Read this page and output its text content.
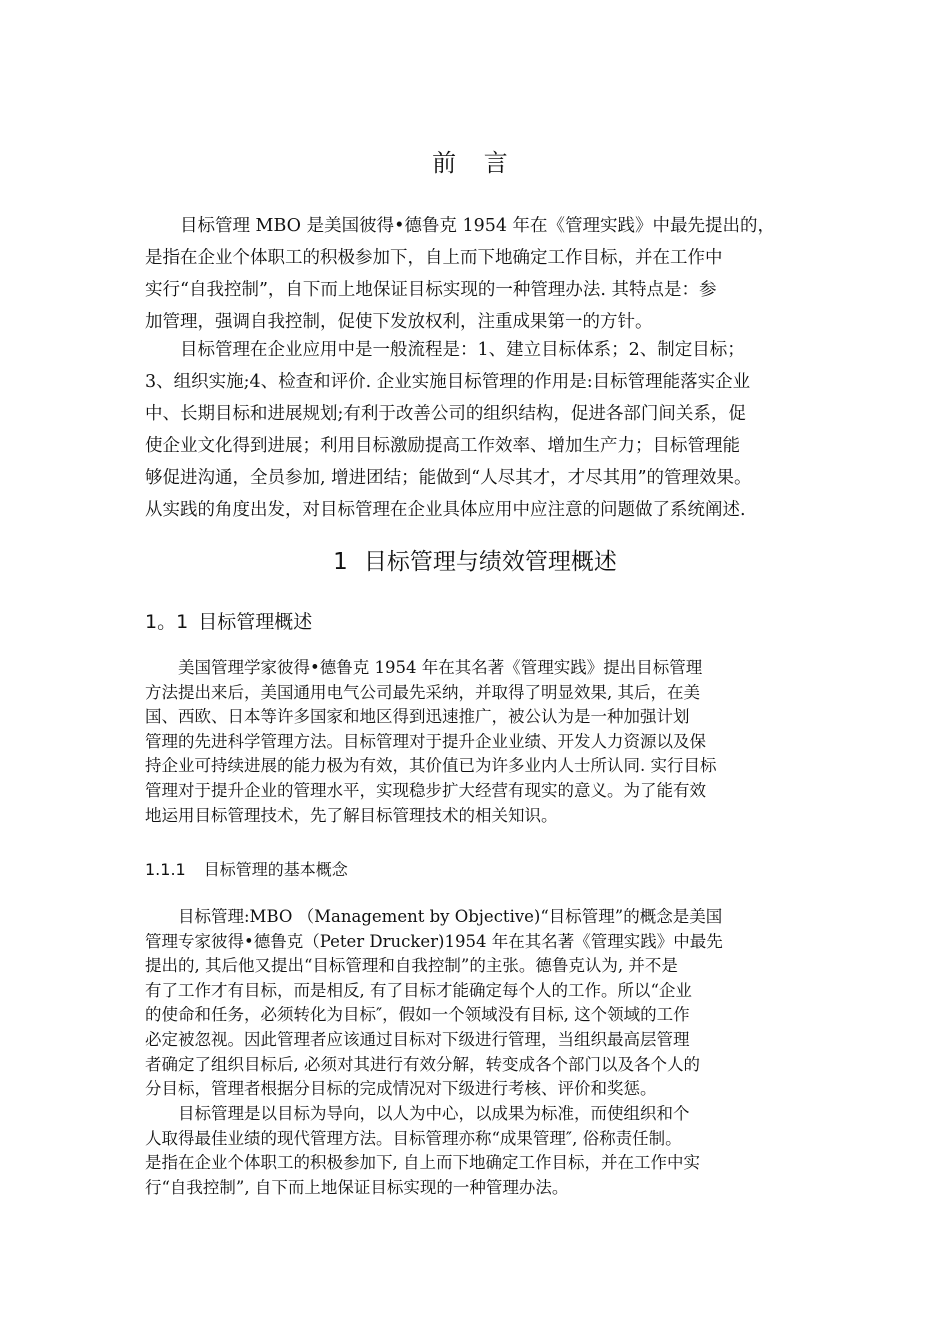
前 言
　　目标管理 MBO 是美国彼得•德鲁克 1954 年在《管理实践》中最先提出的，
是指在企业个体职工的积极参加下，自上而下地确定工作目标，并在工作中
实行“自我控制”，自下而上地保证目标实现的一种管理办法. 其特点是：参
加管理，强调自我控制，促使下发放权利，注重成果第一的方针。
　　目标管理在企业应用中是一般流程是：1、建立目标体系；2、制定目标；
3、组织实施;4、检查和评价. 企业实施目标管理的作用是:目标管理能落实企业
中、长期目标和进展规划;有利于改善公司的组织结构，促进各部门间关系，促
使企业文化得到进展；利用目标激励提高工作效率、增加生产力；目标管理能
够促进沟通，全员参加, 增进团结；能做到“人尽其才，才尽其用”的管理效果。
从实践的角度出发，对目标管理在企业具体应用中应注意的问题做了系统阐述.
1 目标管理与绩效管理概述
1。1 目标管理概述
　　美国管理学家彼得•德鲁克 1954 年在其名著《管理实践》提出目标管理
方法提出来后，美国通用电气公司最先采纳，并取得了明显效果, 其后，在美
国、西欧、日本等许多国家和地区得到迅速推广，被公认为是一种加强计划
管理的先进科学管理方法。目标管理对于提升企业业绩、开发人力资源以及保
持企业可持续进展的能力极为有效，其价值已为许多业内人士所认同. 实行目标
管理对于提升企业的管理水平，实现稳步扩大经营有现实的意义。为了能有效
地运用目标管理技术，先了解目标管理技术的相关知识。
1.1.1 目标管理的基本概念
　　目标管理:MBO （Management by Objective)“目标管理”的概念是美国
管理专家彼得•德鲁克（Peter Drucker)1954 年在其名著《管理实践》中最先
提出的, 其后他又提出“目标管理和自我控制”的主张。德鲁克认为, 并不是
有了工作才有目标，而是相反, 有了目标才能确定每个人的工作。所以“企业
的使命和任务，必须转化为目标″，假如一个领域没有目标, 这个领域的工作
必定被忽视。因此管理者应该通过目标对下级进行管理，当组织最高层管理
者确定了组织目标后, 必须对其进行有效分解，转变成各个部门以及各个人的
分目标，管理者根据分目标的完成情况对下级进行考核、评价和奖惩。
　　目标管理是以目标为导向，以人为中心，以成果为标准，而使组织和个
人取得最佳业绩的现代管理方法。目标管理亦称“成果管理″, 俗称责任制。
是指在企业个体职工的积极参加下, 自上而下地确定工作目标，并在工作中实
行“自我控制”, 自下而上地保证目标实现的一种管理办法。
